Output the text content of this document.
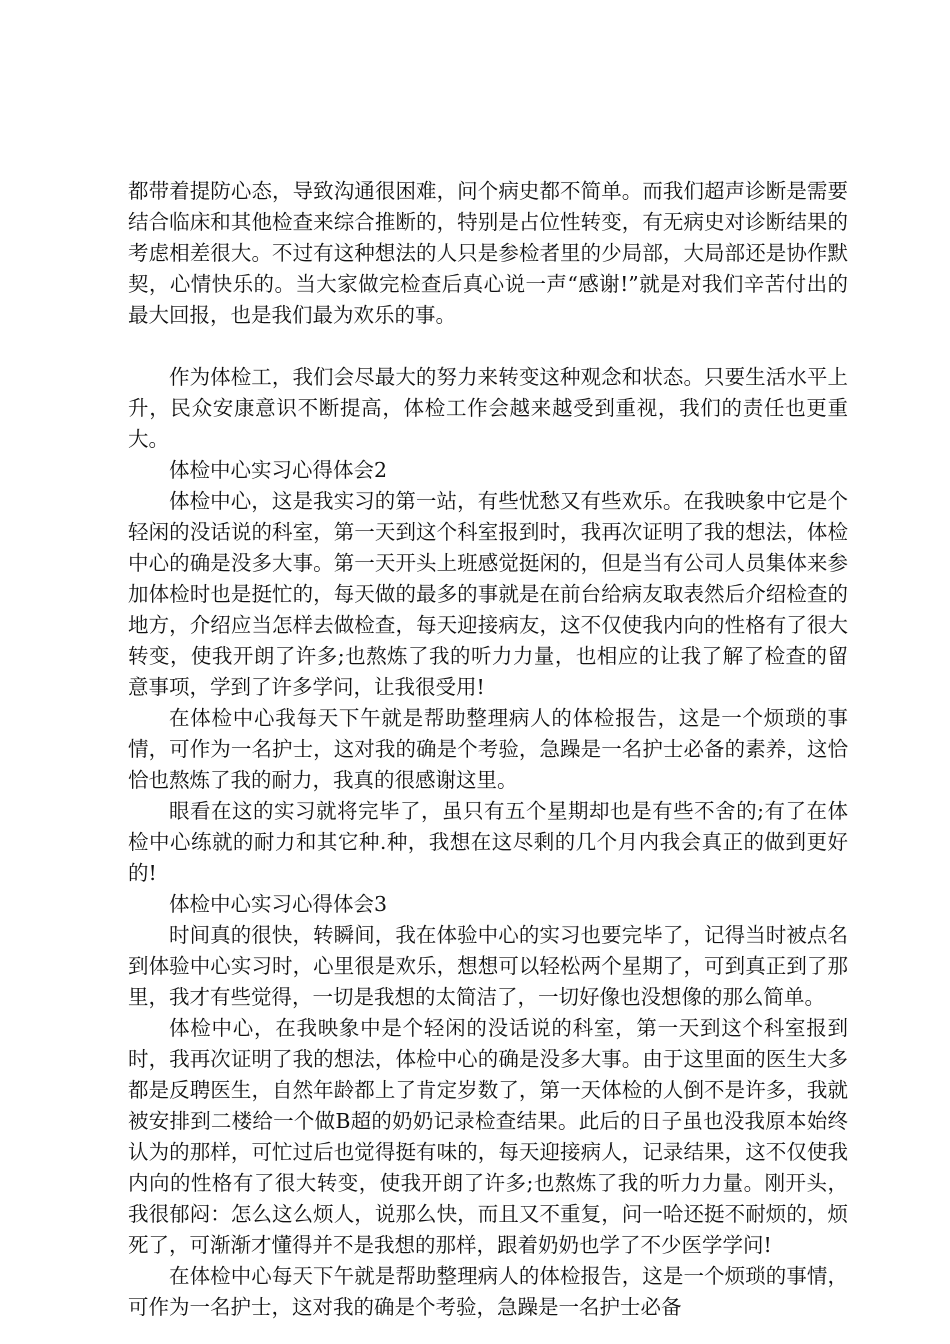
都带着提防心态，导致沟通很困难，问个病史都不简单。而我们超声诊断是需要结合临床和其他检查来综合推断的，特别是占位性转变，有无病史对诊断结果的考虑相差很大。不过有这种想法的人只是参检者里的少局部，大局部还是协作默契，心情快乐的。当大家做完检查后真心说一声“感谢!”就是对我们辛苦付出的最大回报，也是我们最为欢乐的事。

作为体检工，我们会尽最大的努力来转变这种观念和状态。只要生活水平上升，民众安康意识不断提高，体检工作会越来越受到重视，我们的责任也更重大。

体检中心实习心得体会2

体检中心，这是我实习的第一站，有些忧愁又有些欢乐。在我映象中它是个轻闲的没话说的科室，第一天到这个科室报到时，我再次证明了我的想法，体检中心的确是没多大事。第一天开头上班感觉挺闲的，但是当有公司人员集体来参加体检时也是挺忙的，每天做的最多的事就是在前台给病友取表然后介绍检查的地方，介绍应当怎样去做检查，每天迎接病友，这不仅使我内向的性格有了很大转变，使我开朗了许多;也熬炼了我的听力力量，也相应的让我了解了检查的留意事项，学到了许多学问，让我很受用!

在体检中心我每天下午就是帮助整理病人的体检报告，这是一个烦琐的事情，可作为一名护士，这对我的确是个考验，急躁是一名护士必备的素养，这恰恰也熬炼了我的耐力，我真的很感谢这里。

眼看在这的实习就将完毕了，虽只有五个星期却也是有些不舍的;有了在体检中心练就的耐力和其它种.种，我想在这尽剩的几个月内我会真正的做到更好的!

体检中心实习心得体会3

时间真的很快，转瞬间，我在体验中心的实习也要完毕了，记得当时被点名到体验中心实习时，心里很是欢乐，想想可以轻松两个星期了，可到真正到了那里，我才有些觉得，一切是我想的太简洁了，一切好像也没想像的那么简单。

体检中心，在我映象中是个轻闲的没话说的科室，第一天到这个科室报到时，我再次证明了我的想法，体检中心的确是没多大事。由于这里面的医生大多都是反聘医生，自然年龄都上了肯定岁数了，第一天体检的人倒不是许多，我就被安排到二楼给一个做B超的奶奶记录检查结果。此后的日子虽也没我原本始终认为的那样，可忙过后也觉得挺有味的，每天迎接病人，记录结果，这不仅使我内向的性格有了很大转变，使我开朗了许多;也熬炼了我的听力力量。刚开头，我很郁闷：怎么这么烦人，说那么快，而且又不重复，问一哈还挺不耐烦的，烦死了，可渐渐才懂得并不是我想的那样，跟着奶奶也学了不少医学学问!

在体检中心每天下午就是帮助整理病人的体检报告，这是一个烦琐的事情，可作为一名护士，这对我的确是个考验，急躁是一名护士必备
